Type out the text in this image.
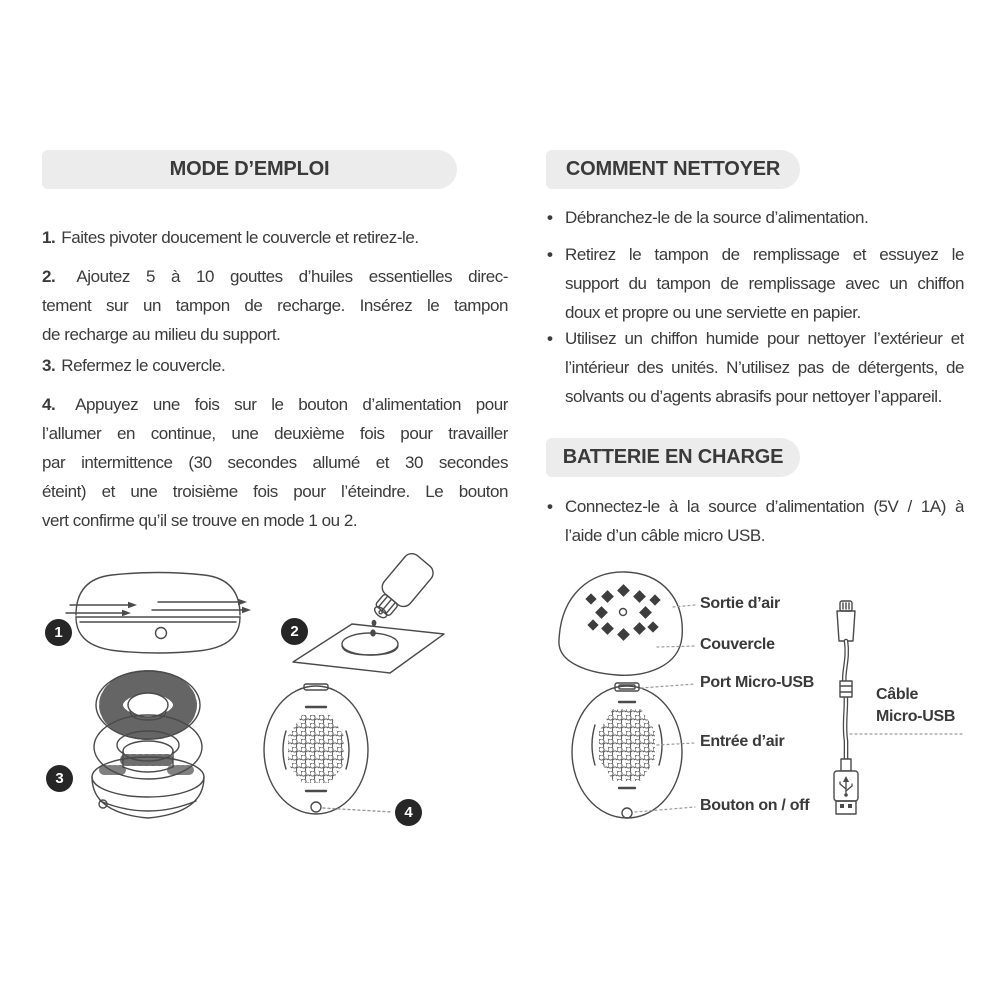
MODE D’EMPLOI
1. Faites pivoter doucement le couvercle et retirez-le.
2. Ajoutez 5 à 10 gouttes d’huiles essentielles direc-
tement sur un tampon de recharge. Insérez le tampon
de recharge au milieu du support.
3. Refermez le couvercle.
4. Appuyez une fois sur le bouton d’alimentation pour
l’allumer en continue, une deuxième fois pour travailler
par intermittence (30 secondes allumé et 30 secondes
éteint) et une troisième fois pour l’éteindre. Le bouton
vert confirme qu’il se trouve en mode 1 ou 2.
COMMENT NETTOYER
• Débranchez-le de la source d’alimentation.
• Retirez le tampon de remplissage et essuyez le
support du tampon de remplissage avec un chiffon
doux et propre ou une serviette en papier.
• Utilisez un chiffon humide pour nettoyer l’extérieur et
l’intérieur des unités. N’utilisez pas de détergents, de
solvants ou d’agents abrasifs pour nettoyer l’appareil.
BATTERIE EN CHARGE
• Connectez-le à la source d’alimentation (5V / 1A) à
l’aide d’un câble micro USB.
1	2
3
4
Sortie d’air
Couvercle
Port Micro-USB
Entrée d’air
Bouton on / off
Câble
Micro-USB
